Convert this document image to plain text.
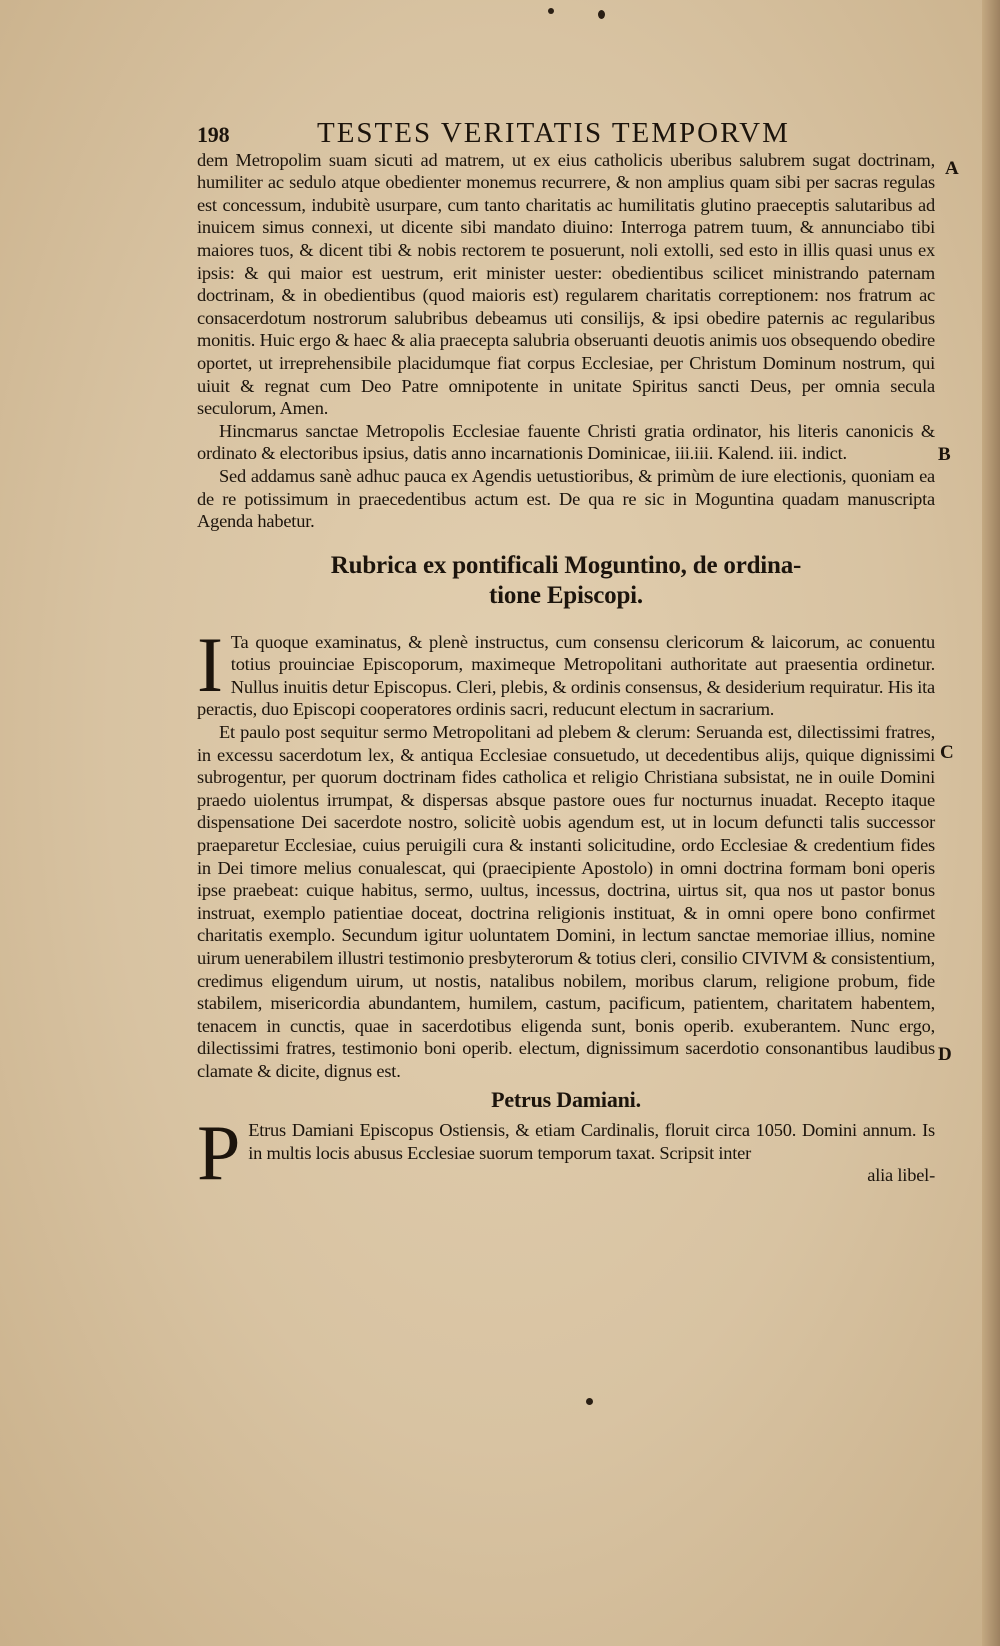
A
B
C
D
198	TESTES VERITATIS TEMPORVM

dem Metropolim suam sicuti ad matrem, ut ex eius catholicis uberibus salubrem sugat doctrinam, humiliter ac sedulo atque obedienter monemus recurrere, & non amplius quam sibi per sacras regulas est concessum, indubitè usurpare, cum tanto charitatis ac humilitatis glutino praeceptis salutaribus ad inuicem simus connexi, ut dicente sibi mandato diuino: Interroga patrem tuum, & annunciabo tibi maiores tuos, & dicent tibi & nobis rectorem te posuerunt, noli extolli, sed esto in illis quasi unus ex ipsis: & qui maior est uestrum, erit minister uester: obedientibus scilicet ministrando paternam doctrinam, & in obedientibus (quod maioris est) regularem charitatis correptionem: nos fratrum ac consacerdotum nostrorum salubribus debeamus uti consilijs, & ipsi obedire paternis ac regularibus monitis. Huic ergo & haec & alia praecepta salubria obseruanti deuotis animis uos obsequendo obedire oportet, ut irreprehensibile placidumque fiat corpus Ecclesiae, per Christum Dominum nostrum, qui uiuit & regnat cum Deo Patre omnipotente in unitate Spiritus sancti Deus, per omnia secula seculorum, Amen.

Hincmarus sanctae Metropolis Ecclesiae fauente Christi gratia ordinator, his literis canonicis & ordinato & electoribus ipsius, datis anno incarnationis Dominicae, iii.iii. Kalend. iii. indict.

Sed addamus sanè adhuc pauca ex Agendis uetustioribus, & primùm de iure electionis, quoniam ea de re potissimum in praecedentibus actum est. De qua re sic in Moguntina quadam manuscripta Agenda habetur.

Rubrica ex pontificali Moguntino, de ordina-
tione Episcopi.
I Ta quoque examinatus, & plenè instructus, cum consensu clericorum & laicorum, ac conuentu totius prouinciae Episcoporum, maximeque Metropolitani authoritate aut praesentia ordinetur. Nullus inuitis detur Episcopus. Cleri, plebis, & ordinis consensus, & desiderium requiratur. His ita peractis, duo Episcopi cooperatores ordinis sacri, reducunt electum in sacrarium.

Et paulo post sequitur sermo Metropolitani ad plebem & clerum: Seruanda est, dilectissimi fratres, in excessu sacerdotum lex, & antiqua Ecclesiae consuetudo, ut decedentibus alijs, quique dignissimi subrogentur, per quorum doctrinam fides catholica et religio Christiana subsistat, ne in ouile Domini praedo uiolentus irrumpat, & dispersas absque pastore oues fur nocturnus inuadat. Recepto itaque dispensatione Dei sacerdote nostro, solicitè uobis agendum est, ut in locum defuncti talis successor praeparetur Ecclesiae, cuius peruigili cura & instanti solicitudine, ordo Ecclesiae & credentium fides in Dei timore melius conualescat, qui (praecipiente Apostolo) in omni doctrina formam boni operis ipse praebeat: cuique habitus, sermo, uultus, incessus, doctrina, uirtus sit, qua nos ut pastor bonus instruat, exemplo patientiae doceat, doctrina religionis instituat, & in omni opere bono confirmet charitatis exemplo. Secundum igitur uoluntatem Domini, in lectum sanctae memoriae illius, nomine uirum uenerabilem illustri testimonio presbyterorum & totius cleri, consilio CIVIVM & consistentium, credimus eligendum uirum, ut nostis, natalibus nobilem, moribus clarum, religione probum, fide stabilem, misericordia abundantem, humilem, castum, pacificum, patientem, charitatem habentem, tenacem in cunctis, quae in sacerdotibus eligenda sunt, bonis operib. exuberantem. Nunc ergo, dilectissimi fratres, testimonio boni operib. electum, dignissimum sacerdotio consonantibus laudibus clamate & dicite, dignus est.

Petrus Damiani.
P Etrus Damiani Episcopus Ostiensis, & etiam Cardinalis, floruit circa 1050. Domini annum. Is in multis locis abusus Ecclesiae suorum temporum taxat. Scripsit inter
alia libel-
